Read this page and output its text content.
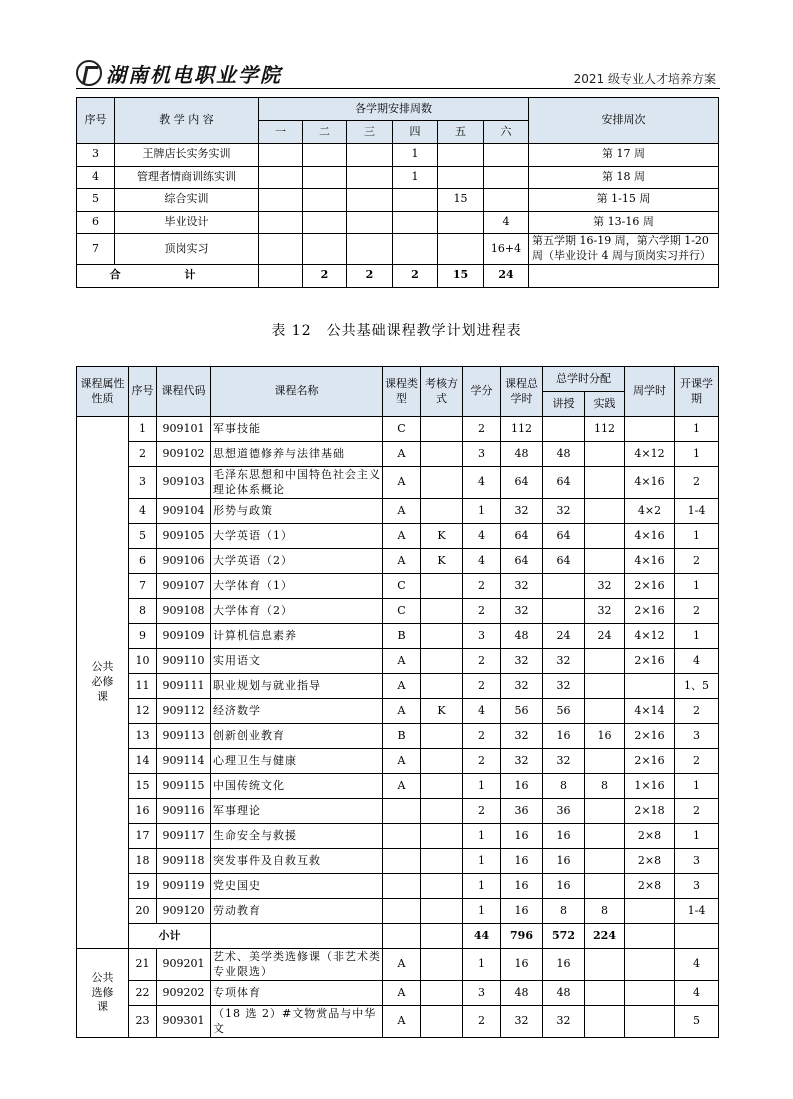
湖南机电职业学院	2021 级专业人才培养方案
序号	教 学 内 容	各学期安排周数						安排周次
		一	二	三	四	五	六	
3	王牌店长实务实训				1			第 17 周
4	管理者情商训练实训				1			第 18 周
5	综合实训					15		第 1-15 周
6	毕业设计						4	第 13-16 周
7	顶岗实习						16+4	第五学期 16-19 周，第六学期 1-20 周（毕业设计 4 周与顶岗实习并行）
合 计			2	2	2	15	24	
表 12　公共基础课程教学计划进程表
课程属性性质	序号	课程代码	课程名称	课程类型	考核方式	学分	课程总学时	总学时分配		周学时	开课学期
								讲授	实践		
公共必修课	1	909101	军事技能	C		2	112		112		1
	2	909102	思想道德修养与法律基础	A		3	48	48		4×12	1
	3	909103	毛泽东思想和中国特色社会主义理论体系概论	A		4	64	64		4×16	2
	4	909104	形势与政策	A		1	32	32		4×2	1-4
	5	909105	大学英语（1）	A	K	4	64	64		4×16	1
	6	909106	大学英语（2）	A	K	4	64	64		4×16	2
	7	909107	大学体育（1）	C		2	32		32	2×16	1
	8	909108	大学体育（2）	C		2	32		32	2×16	2
	9	909109	计算机信息素养	B		3	48	24	24	4×12	1
	10	909110	实用语文	A		2	32	32		2×16	4
	11	909111	职业规划与就业指导	A		2	32	32			1、5
	12	909112	经济数学	A	K	4	56	56		4×14	2
	13	909113	创新创业教育	B		2	32	16	16	2×16	3
	14	909114	心理卫生与健康	A		2	32	32		2×16	2
	15	909115	中国传统文化	A		1	16	8	8	1×16	1
	16	909116	军事理论			2	36	36		2×18	2
	17	909117	生命安全与救援			1	16	16		2×8	1
	18	909118	突发事件及自救互救			1	16	16		2×8	3
	19	909119	党史国史			1	16	16		2×8	3
	20	909120	劳动教育			1	16	8	8		1-4
	小计					44	796	572	224		
公共选修课	21	909201	艺术、美学类选修课（非艺术类专业限选）	A		1	16	16			4
	22	909202	专项体育	A		3	48	48			4
	23	909301	（18 选 2）#文物赏品与中华文	A		2	32	32			5
